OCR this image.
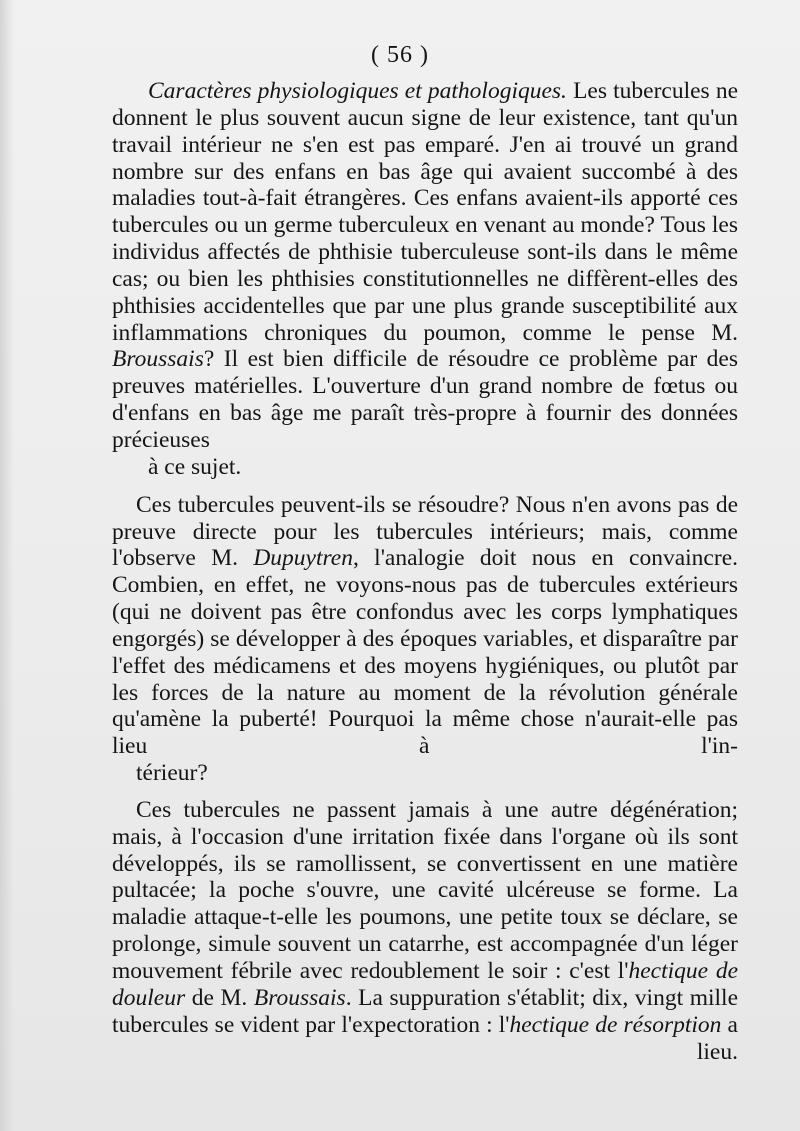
( 56 )

Caractères physiologiques et pathologiques. Les tubercules ne donnent le plus souvent aucun signe de leur existence, tant qu'un travail intérieur ne s'en est pas emparé. J'en ai trouvé un grand nombre sur des enfans en bas âge qui avaient succombé à des maladies tout-à-fait étrangères. Ces enfans avaient-ils apporté ces tubercules ou un germe tuberculeux en venant au monde? Tous les individus affectés de phthisie tuberculeuse sont-ils dans le même cas; ou bien les phthisies constitutionnelles ne diffèrent-elles des phthisies accidentelles que par une plus grande susceptibilité aux inflammations chroniques du poumon, comme le pense M. Broussais? Il est bien difficile de résoudre ce problème par des preuves matérielles. L'ouverture d'un grand nombre de fœtus ou d'enfans en bas âge me paraît très-propre à fournir des données précieuses
à ce sujet.

Ces tubercules peuvent-ils se résoudre? Nous n'en avons pas de preuve directe pour les tubercules intérieurs; mais, comme l'observe M. Dupuytren, l'analogie doit nous en convaincre. Combien, en effet, ne voyons-nous pas de tubercules extérieurs (qui ne doivent pas être confondus avec les corps lymphatiques engorgés) se développer à des époques variables, et disparaître par l'effet des médicamens et des moyens hygiéniques, ou plutôt par les forces de la nature au moment de la révolution générale qu'amène la puberté! Pourquoi la même chose n'aurait-elle pas lieu à l'in-
térieur?

Ces tubercules ne passent jamais à une autre dégénération; mais, à l'occasion d'une irritation fixée dans l'organe où ils sont développés, ils se ramollissent, se convertissent en une matière pultacée; la poche s'ouvre, une cavité ulcéreuse se forme. La maladie attaque-t-elle les poumons, une petite toux se déclare, se prolonge, simule souvent un catarrhe, est accompagnée d'un léger mouvement fébrile avec redoublement le soir : c'est l'hectique de douleur de M. Broussais. La suppuration s'établit; dix, vingt mille tubercules se vident par l'expectoration : l'hectique de résorption a lieu.
